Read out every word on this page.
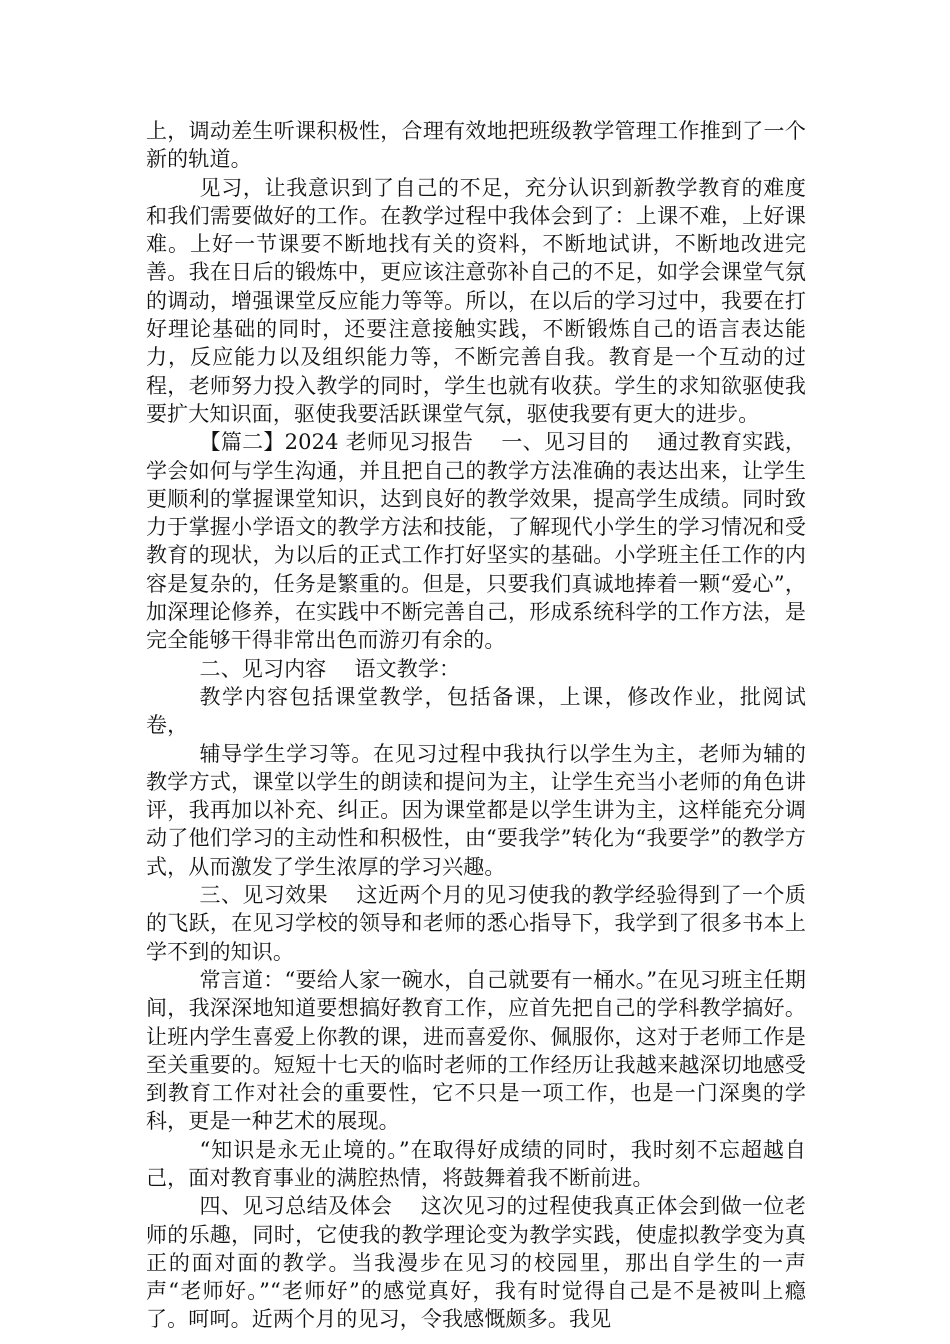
上，调动差生听课积极性，合理有效地把班级教学管理工作推到了一个新的轨道。

见习，让我意识到了自己的不足，充分认识到新教学教育的难度和我们需要做好的工作。在教学过程中我体会到了：上课不难，上好课难。上好一节课要不断地找有关的资料，不断地试讲，不断地改进完善。我在日后的锻炼中，更应该注意弥补自己的不足，如学会课堂气氛的调动，增强课堂反应能力等等。所以，在以后的学习过中，我要在打好理论基础的同时，还要注意接触实践，不断锻炼自己的语言表达能力，反应能力以及组织能力等，不断完善自我。教育是一个互动的过程，老师努力投入教学的同时，学生也就有收获。学生的求知欲驱使我要扩大知识面，驱使我要活跃课堂气氛，驱使我要有更大的进步。

【篇二】2024 老师见习报告　 一、见习目的　 通过教育实践，学会如何与学生沟通，并且把自己的教学方法准确的表达出来，让学生更顺利的掌握课堂知识，达到良好的教学效果，提高学生成绩。同时致力于掌握小学语文的教学方法和技能，了解现代小学生的学习情况和受教育的现状，为以后的正式工作打好坚实的基础。小学班主任工作的内容是复杂的，任务是繁重的。但是，只要我们真诚地捧着一颗“爱心”，加深理论修养，在实践中不断完善自己，形成系统科学的工作方法，是完全能够干得非常出色而游刃有余的。

二、见习内容　 语文教学：

教学内容包括课堂教学，包括备课，上课，修改作业，批阅试卷，

辅导学生学习等。在见习过程中我执行以学生为主，老师为辅的教学方式，课堂以学生的朗读和提问为主，让学生充当小老师的角色讲评，我再加以补充、纠正。因为课堂都是以学生讲为主，这样能充分调动了他们学习的主动性和积极性，由“要我学”转化为“我要学”的教学方式，从而激发了学生浓厚的学习兴趣。

三、见习效果　 这近两个月的见习使我的教学经验得到了一个质的飞跃，在见习学校的领导和老师的悉心指导下，我学到了很多书本上学不到的知识。

常言道：“要给人家一碗水，自己就要有一桶水。”在见习班主任期间，我深深地知道要想搞好教育工作，应首先把自己的学科教学搞好。让班内学生喜爱上你教的课，进而喜爱你、佩服你，这对于老师工作是至关重要的。短短十七天的临时老师的工作经历让我越来越深切地感受到教育工作对社会的重要性，它不只是一项工作，也是一门深奥的学科，更是一种艺术的展现。

“知识是永无止境的。”在取得好成绩的同时，我时刻不忘超越自己，面对教育事业的满腔热情，将鼓舞着我不断前进。

四、见习总结及体会　 这次见习的过程使我真正体会到做一位老师的乐趣，同时，它使我的教学理论变为教学实践，使虚拟教学变为真正的面对面的教学。当我漫步在见习的校园里，那出自学生的一声声“老师好。”“老师好”的感觉真好，我有时觉得自己是不是被叫上瘾了。呵呵。近两个月的见习，令我感慨颇多。我见
